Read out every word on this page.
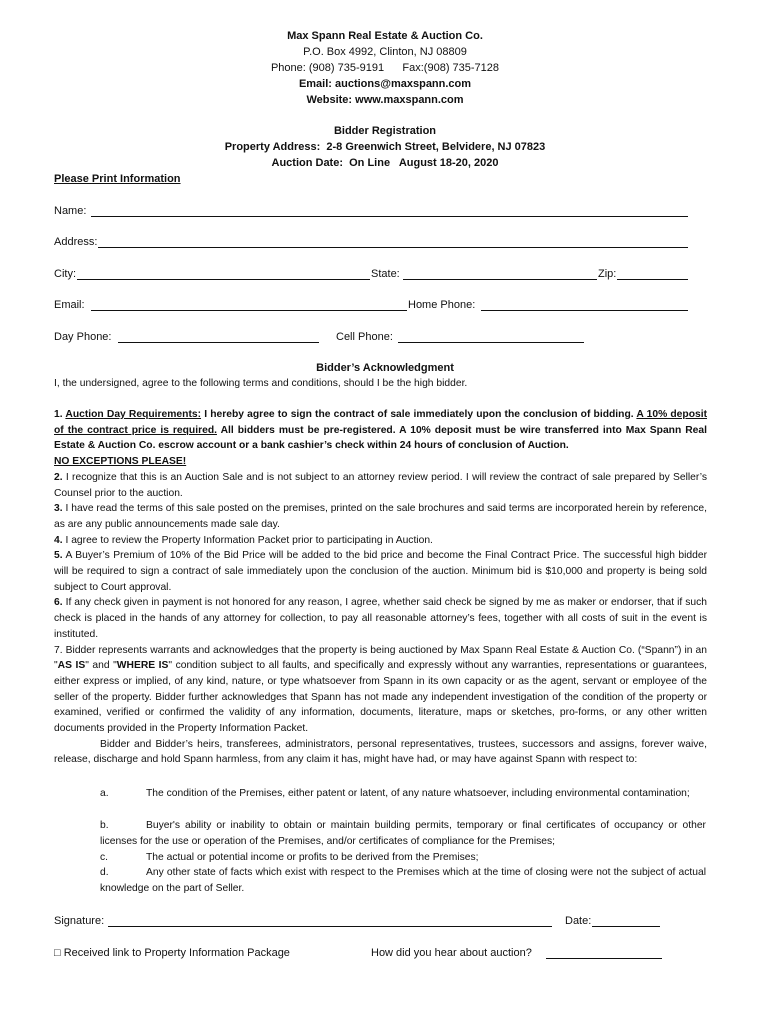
Max Spann Real Estate & Auction Co.
P.O. Box 4992, Clinton, NJ 08809
Phone: (908) 735-9191      Fax:(908) 735-7128
Email: auctions@maxspann.com
Website: www.maxspann.com
Bidder Registration
Property Address:  2-8 Greenwich Street, Belvidere, NJ 07823
Auction Date:  On Line   August 18-20, 2020
Please Print Information
Name:
Address:
City:	State:	Zip:
Email:	Home Phone:
Day Phone:	Cell Phone:
Bidder’s Acknowledgment
I, the undersigned, agree to the following terms and conditions, should I be the high bidder.

1. Auction Day Requirements: I hereby agree to sign the contract of sale immediately upon the conclusion of bidding. A 10% deposit of the contract price is required. All bidders must be pre-registered. A 10% deposit must be wire transferred into Max Spann Real Estate & Auction Co. escrow account or a bank cashier’s check within 24 hours of conclusion of Auction.
NO EXCEPTIONS PLEASE!

2. I recognize that this is an Auction Sale and is not subject to an attorney review period. I will review the contract of sale prepared by Seller’s Counsel prior to the auction.

3. I have read the terms of this sale posted on the premises, printed on the sale brochures and said terms are incorporated herein by reference, as are any public announcements made sale day.

4. I agree to review the Property Information Packet prior to participating in Auction.

5. A Buyer’s Premium of 10% of the Bid Price will be added to the bid price and become the Final Contract Price. The successful high bidder will be required to sign a contract of sale immediately upon the conclusion of the auction. Minimum bid is $10,000 and property is being sold subject to Court approval.

6. If any check given in payment is not honored for any reason, I agree, whether said check be signed by me as maker or endorser, that if such check is placed in the hands of any attorney for collection, to pay all reasonable attorney’s fees, together with all costs of suit in the event is instituted.

7. Bidder represents warrants and acknowledges that the property is being auctioned by Max Spann Real Estate & Auction Co. (“Spann”) in an "AS IS" and "WHERE IS" condition subject to all faults, and specifically and expressly without any warranties, representations or guarantees, either express or implied, of any kind, nature, or type whatsoever from Spann in its own capacity or as the agent, servant or employee of the seller of the property. Bidder further acknowledges that Spann has not made any independent investigation of the condition of the property or examined, verified or confirmed the validity of any information, documents, literature, maps or sketches, pro-forms, or any other written documents provided in the Property Information Packet.

Bidder and Bidder’s heirs, transferees, administrators, personal representatives, trustees, successors and assigns, forever waive, release, discharge and hold Spann harmless, from any claim it has, might have had, or may have against Spann with respect to:

a.	The condition of the Premises, either patent or latent, of any nature whatsoever, including environmental contamination;
b.	Buyer's ability or inability to obtain or maintain building permits, temporary or final certificates of occupancy or other licenses for the use or operation of the Premises, and/or certificates of compliance for the Premises;
c.	The actual or potential income or profits to be derived from the Premises;
d.	Any other state of facts which exist with respect to the Premises which at the time of closing were not the subject of actual knowledge on the part of Seller.
Signature:	Date:
□ Received link to Property Information Package	How did you hear about auction?
